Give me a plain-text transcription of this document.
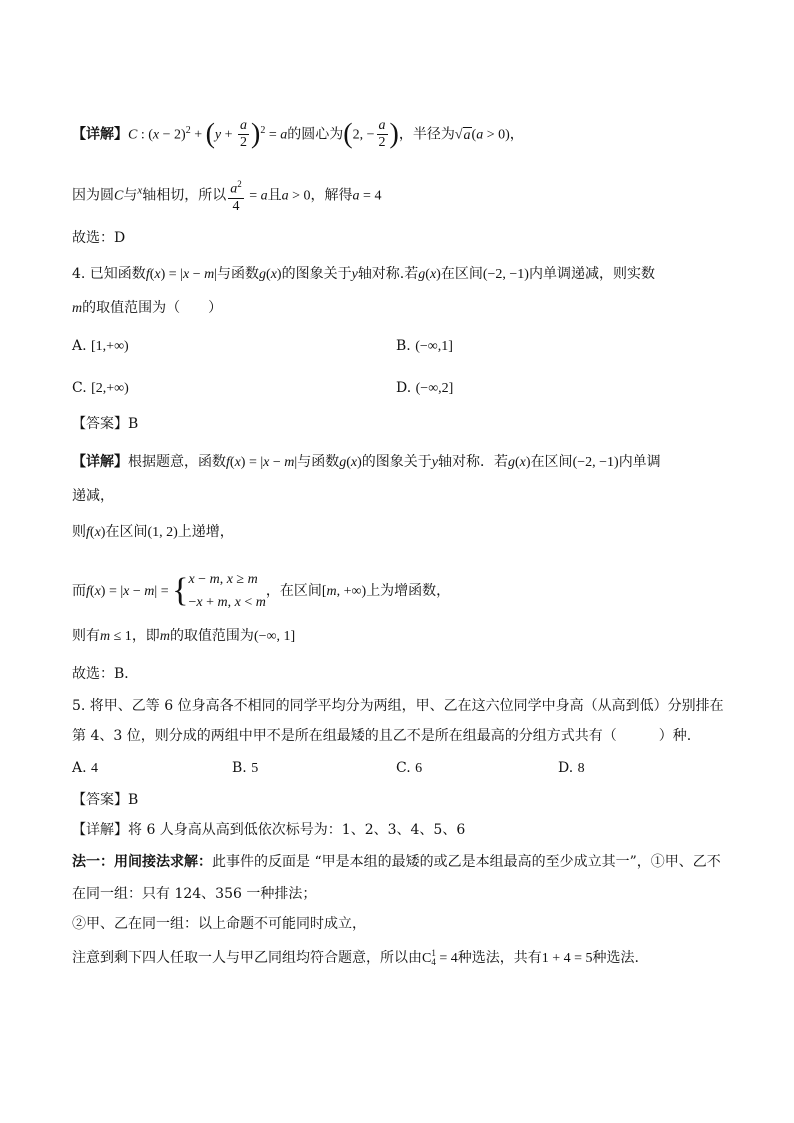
【详解】C : $(x - 2)^2 + (y + \frac{a}{2} )^2 = a$的圆心为(2, − $\frac{a}{2}$ )，半径为√a(a > 0)，
因为圆C与$^x$轴相切，所以 $\frac{a^2}{4} = a$且a > 0，解得a = 4
故选：D
4. 已知函数f(x) = |x − m|与函数g(x)的图象关于y轴对称.若g(x)在区间(−2, −1)内单调递减，则实数
m的取值范围为（　　）
A. [1,+∞)	B. (−∞,1]
C. [2,+∞)	D. (−∞,2]
【答案】B
【详解】根据题意，函数f(x) = |x − m|与函数g(x)的图象关于y轴对称．若g(x)在区间(−2, −1)内单调
递减，
则f(x)在区间(1, 2)上递增，
而f(x) = |x − m| = { x − m, x ≥ m
−x + m, x < m
，在区间[m, +∞)上为增函数，
则有m ≤ 1，即m的取值范围为(−∞, 1]
故选：B．
5. 将甲、乙等 6 位身高各不相同的同学平均分为两组，甲、乙在这六位同学中身高（从高到低）分别排在
第 4、3 位，则分成的两组中甲不是所在组最矮的且乙不是所在组最高的分组方式共有（　　　）种.
A. 4	B. 5	C. 6	D. 8
【答案】B
【详解】将 6 人身高从高到低依次标号为：1、2、3、4、5、6
法一：用间接法求解：此事件的反面是 “甲是本组的最矮的或乙是本组最高的至少成立其一”，①甲、乙不
在同一组：只有 124、356 一种排法；
②甲、乙在同一组：以上命题不可能同时成立，
注意到剩下四人任取一人与甲乙同组均符合题意，所以由C 1
4 = 4种选法，共有1 + 4 = 5种选法.
